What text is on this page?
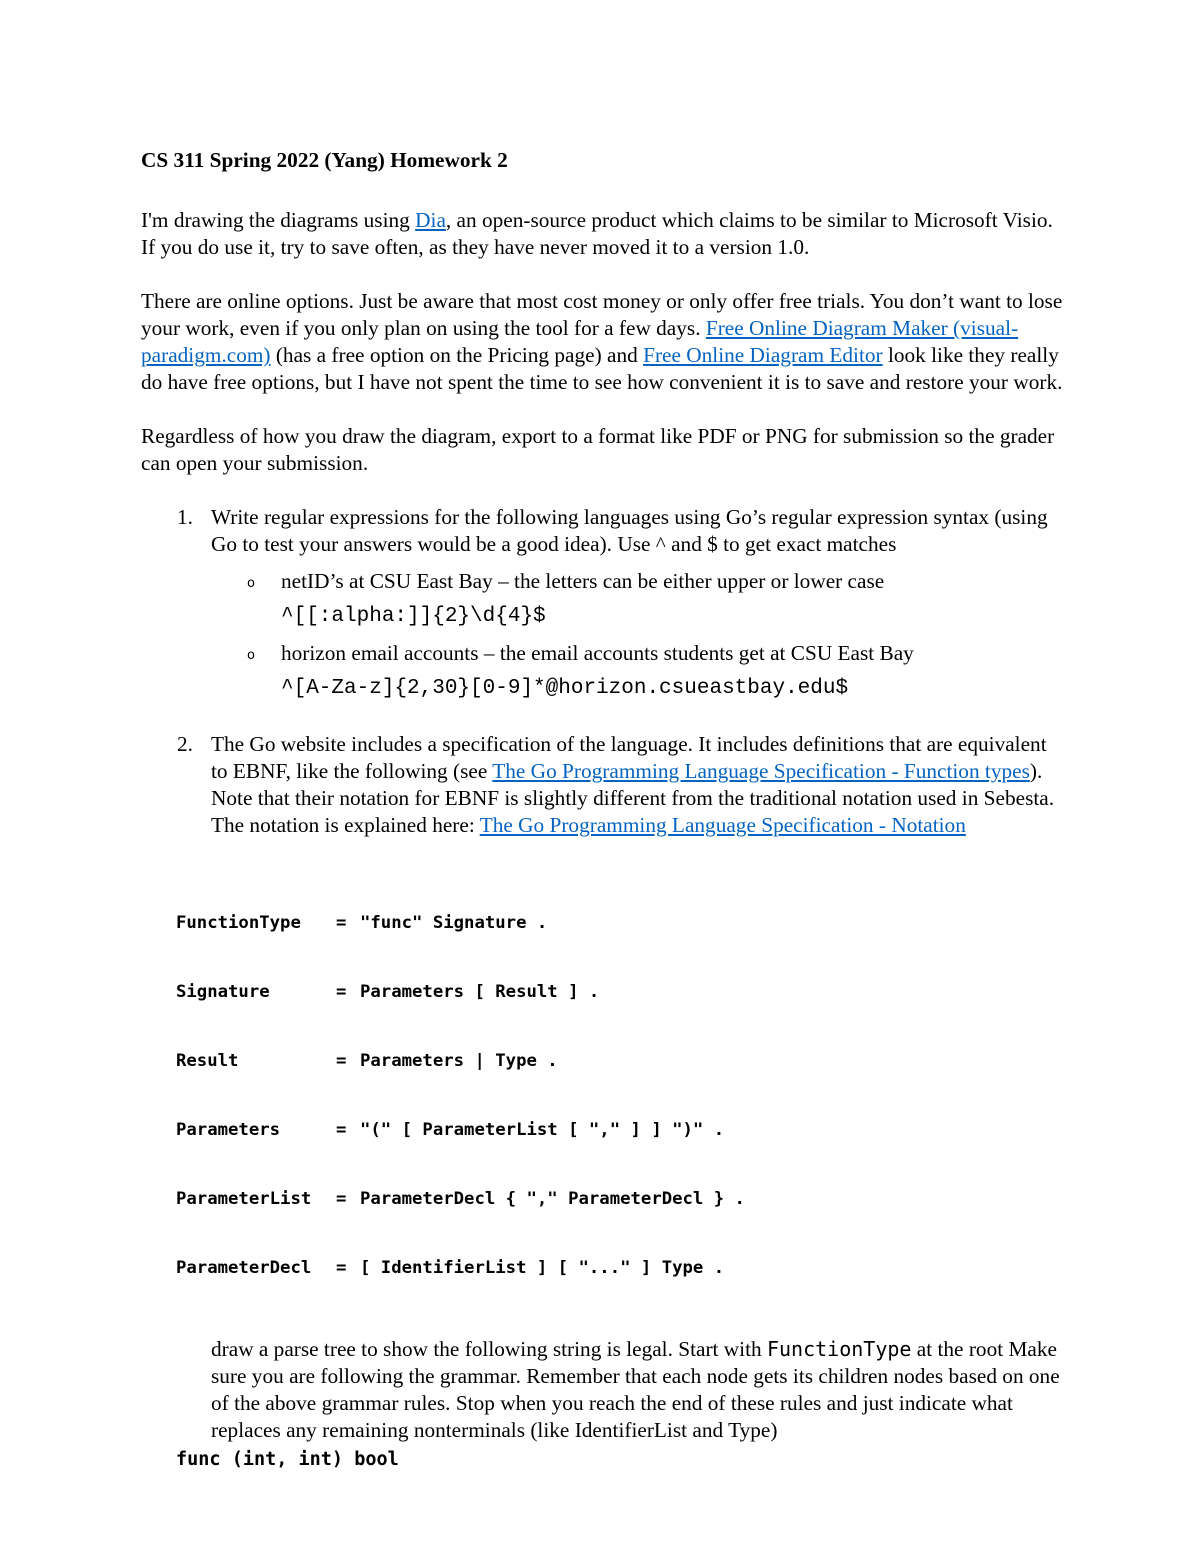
CS 311 Spring 2022 (Yang) Homework 2

I'm drawing the diagrams using Dia, an open-source product which claims to be similar to Microsoft Visio. If you do use it, try to save often, as they have never moved it to a version 1.0.

There are online options. Just be aware that most cost money or only offer free trials. You don’t want to lose your work, even if you only plan on using the tool for a few days. Free Online Diagram Maker (visual-paradigm.com) (has a free option on the Pricing page) and Free Online Diagram Editor look like they really do have free options, but I have not spent the time to see how convenient it is to save and restore your work.

Regardless of how you draw the diagram, export to a format like PDF or PNG for submission so the grader can open your submission.

1. Write regular expressions for the following languages using Go’s regular expression syntax (using Go to test your answers would be a good idea). Use ^ and $ to get exact matches
o netID’s at CSU East Bay – the letters can be either upper or lower case
^[[:alpha:]]{2}\d{4}$
o horizon email accounts – the email accounts students get at CSU East Bay
^[A-Za-z]{2,30}[0-9]*@horizon.csueastbay.edu$
2. The Go website includes a specification of the language. It includes definitions that are equivalent to EBNF, like the following (see The Go Programming Language Specification - Function types). Note that their notation for EBNF is slightly different from the traditional notation used in Sebesta. The notation is explained here: The Go Programming Language Specification - Notation

FunctionType	= "func" Signature .

Signature	= Parameters [ Result ] .

Result	= Parameters | Type .

Parameters	= "(" [ ParameterList [ "," ] ] ")" .

ParameterList	= ParameterDecl { "," ParameterDecl } .

ParameterDecl	= [ IdentifierList ] [ "..." ] Type .

draw a parse tree to show the following string is legal. Start with FunctionType at the root Make sure you are following the grammar. Remember that each node gets its children nodes based on one of the above grammar rules. Stop when you reach the end of these rules and just indicate what replaces any remaining nonterminals (like IdentifierList and Type)
func (int, int) bool
